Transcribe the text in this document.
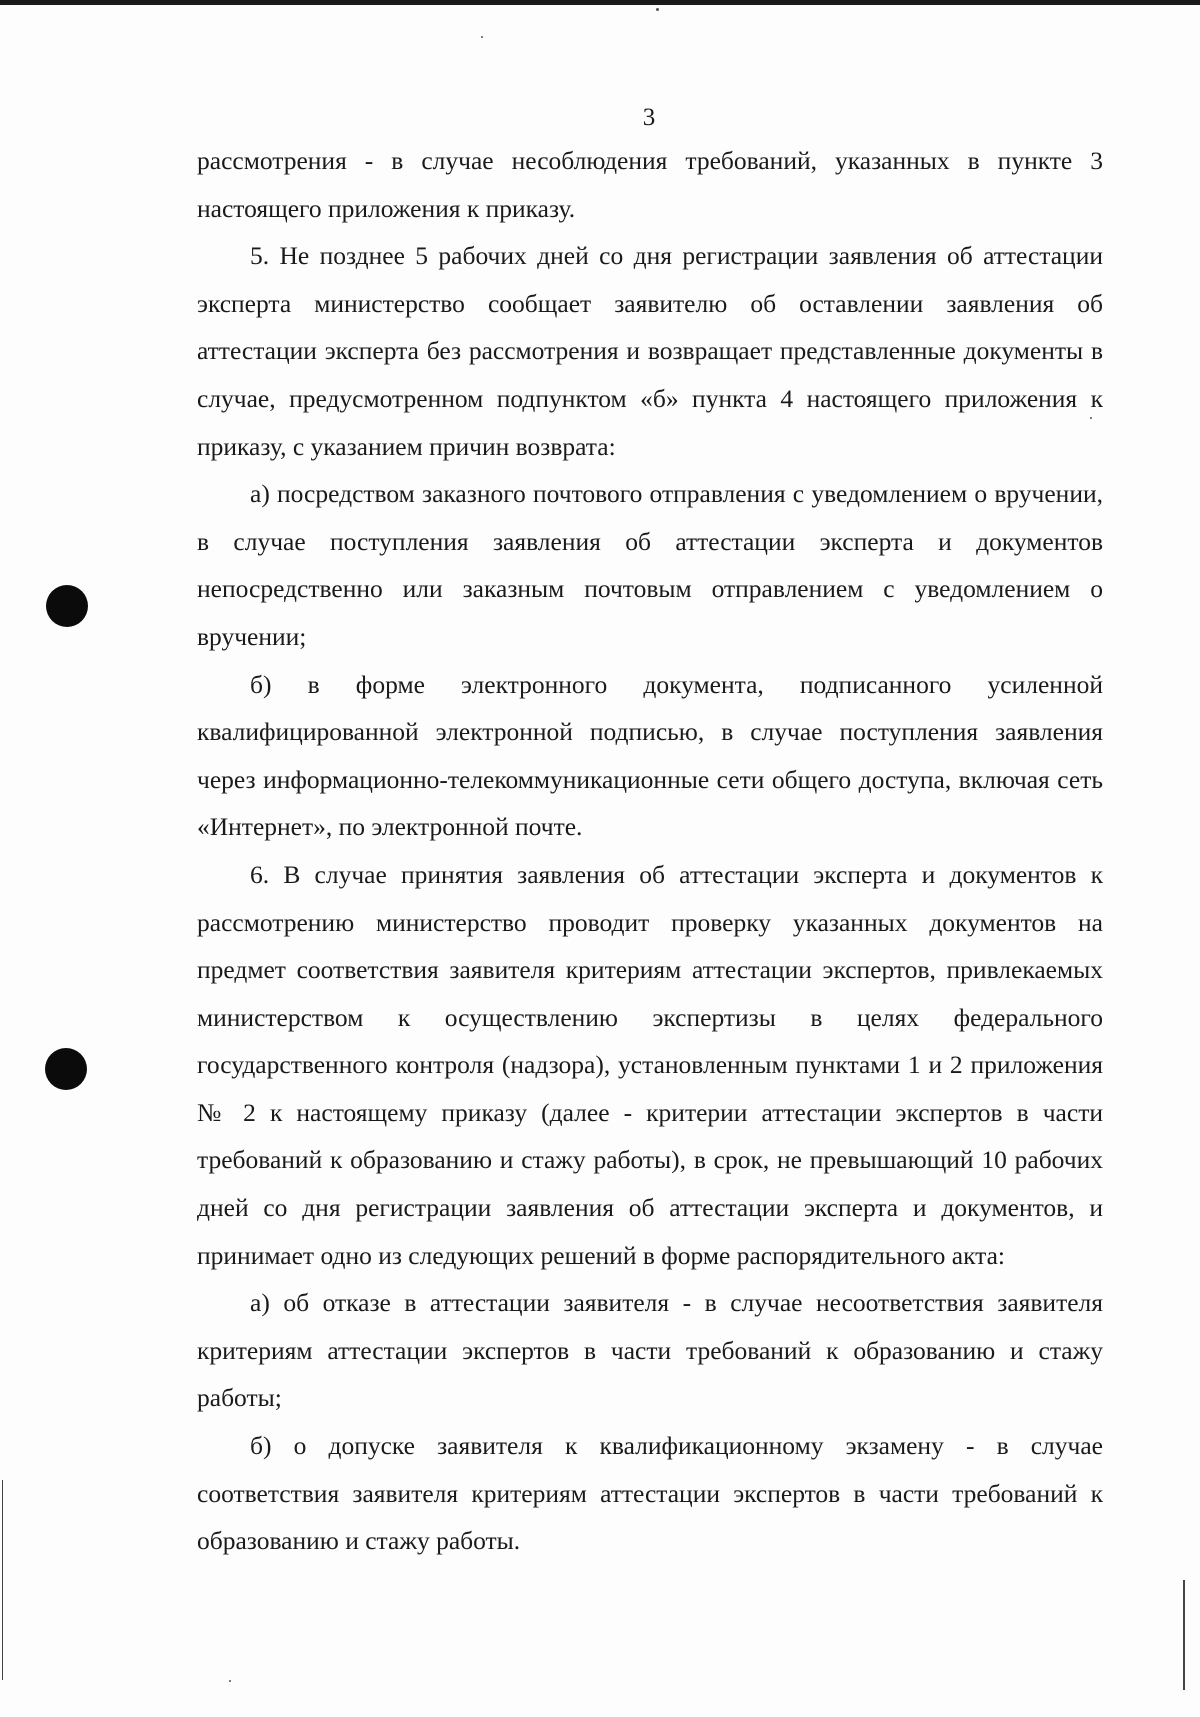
3

рассмотрения - в случае несоблюдения требований, указанных в пункте 3 настоящего приложения к приказу.

5. Не позднее 5 рабочих дней со дня регистрации заявления об аттестации эксперта министерство сообщает заявителю об оставлении заявления об аттестации эксперта без рассмотрения и возвращает представленные документы в случае, предусмотренном подпунктом «б» пункта 4 настоящего приложения к приказу, с указанием причин возврата:

а) посредством заказного почтового отправления с уведомлением о вручении, в случае поступления заявления об аттестации эксперта и документов непосредственно или заказным почтовым отправлением с уведомлением о вручении;

б) в форме электронного документа, подписанного усиленной квалифицированной электронной подписью, в случае поступления заявления через информационно-телекоммуникационные сети общего доступа, включая сеть «Интернет», по электронной почте.

6. В случае принятия заявления об аттестации эксперта и документов к рассмотрению министерство проводит проверку указанных документов на предмет соответствия заявителя критериям аттестации экспертов, привлекаемых министерством к осуществлению экспертизы в целях федерального государственного контроля (надзора), установленным пунктами 1 и 2 приложения № 2 к настоящему приказу (далее - критерии аттестации экспертов в части требований к образованию и стажу работы), в срок, не превышающий 10 рабочих дней со дня регистрации заявления об аттестации эксперта и документов, и принимает одно из следующих решений в форме распорядительного акта:

а) об отказе в аттестации заявителя - в случае несоответствия заявителя критериям аттестации экспертов в части требований к образованию и стажу работы;

б) о допуске заявителя к квалификационному экзамену - в случае соответствия заявителя критериям аттестации экспертов в части требований к образованию и стажу работы.
